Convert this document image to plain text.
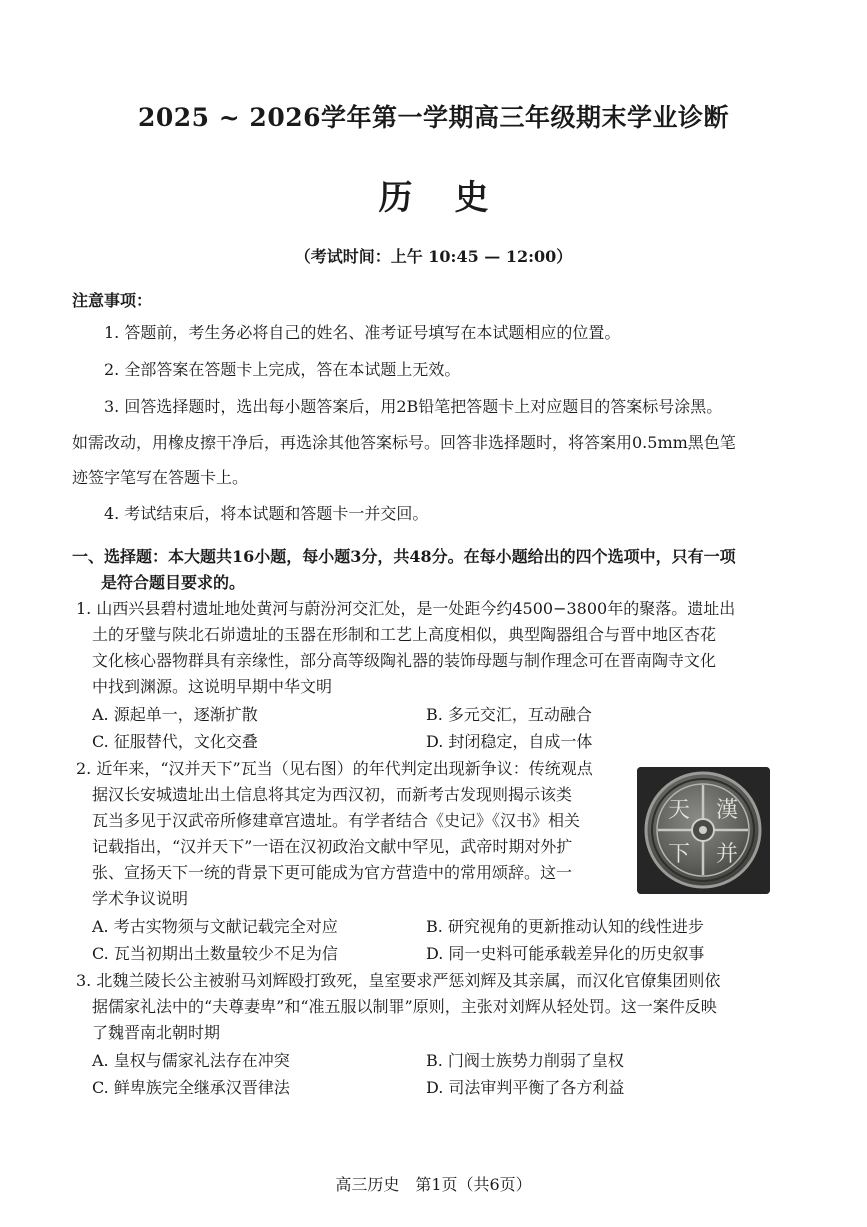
2025 ~ 2026学年第一学期高三年级期末学业诊断
历史
（考试时间：上午 10:45 — 12:00）
注意事项：
1. 答题前，考生务必将自己的姓名、准考证号填写在本试题相应的位置。
2. 全部答案在答题卡上完成，答在本试题上无效。
3. 回答选择题时，选出每小题答案后，用2B铅笔把答题卡上对应题目的答案标号涂黑。
如需改动，用橡皮擦干净后，再选涂其他答案标号。回答非选择题时，将答案用0.5mm黑色笔
迹签字笔写在答题卡上。
4. 考试结束后，将本试题和答题卡一并交回。
一、选择题：本大题共16小题，每小题3分，共48分。在每小题给出的四个选项中，只有一项
是符合题目要求的。
1. 山西兴县碧村遗址地处黄河与蔚汾河交汇处，是一处距今约4500−3800年的聚落。遗址出
土的牙璧与陕北石峁遗址的玉器在形制和工艺上高度相似，典型陶器组合与晋中地区杏花
文化核心器物群具有亲缘性，部分高等级陶礼器的装饰母题与制作理念可在晋南陶寺文化
中找到渊源。这说明早期中华文明
A. 源起单一，逐渐扩散	B. 多元交汇，互动融合
C. 征服替代，文化交叠	D. 封闭稳定，自成一体
2. 近年来，“汉并天下”瓦当（见右图）的年代判定出现新争议：传统观点
据汉长安城遗址出土信息将其定为西汉初，而新考古发现则揭示该类
瓦当多见于汉武帝所修建章宫遗址。有学者结合《史记》《汉书》相关
记载指出，“汉并天下”一语在汉初政治文献中罕见，武帝时期对外扩
张、宣扬天下一统的背景下更可能成为官方营造中的常用颂辞。这一
学术争议说明
漢
并
天
下
A. 考古实物须与文献记载完全对应	B. 研究视角的更新推动认知的线性进步
C. 瓦当初期出土数量较少不足为信	D. 同一史料可能承载差异化的历史叙事
3. 北魏兰陵长公主被驸马刘辉殴打致死，皇室要求严惩刘辉及其亲属，而汉化官僚集团则依
据儒家礼法中的“夫尊妻卑”和“准五服以制罪”原则，主张对刘辉从轻处罚。这一案件反映
了魏晋南北朝时期
A. 皇权与儒家礼法存在冲突	B. 门阀士族势力削弱了皇权
C. 鲜卑族完全继承汉晋律法	D. 司法审判平衡了各方利益
高三历史　第1页（共6页）
